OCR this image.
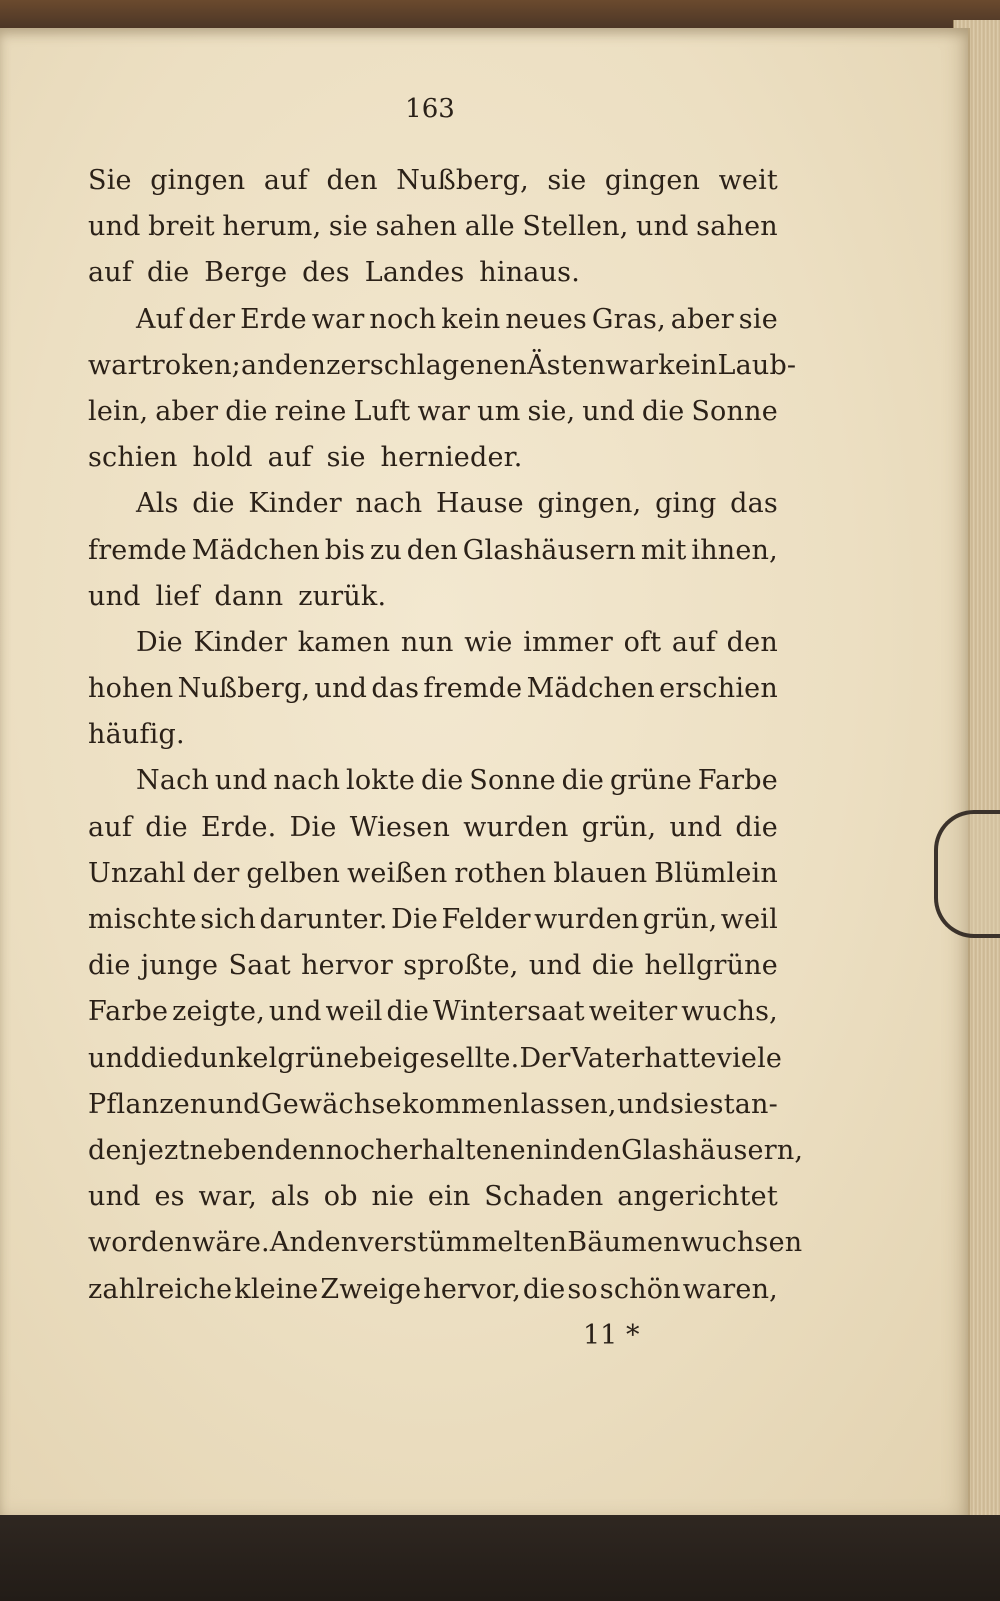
163

Sie gingen auf den Nußberg, sie gingen weit
und breit herum, sie sahen alle Stellen, und sahen
auf die Berge des Landes hinaus.
Auf der Erde war noch kein neues Gras, aber sie
war troken; an den zerschlagenen Ästen war kein Laub-
lein, aber die reine Luft war um sie, und die Sonne
schien hold auf sie hernieder.
Als die Kinder nach Hause gingen, ging das
fremde Mädchen bis zu den Glashäusern mit ihnen,
und lief dann zurük.
Die Kinder kamen nun wie immer oft auf den
hohen Nußberg, und das fremde Mädchen erschien
häufig.
Nach und nach lokte die Sonne die grüne Farbe
auf die Erde. Die Wiesen wurden grün, und die
Unzahl der gelben weißen rothen blauen Blümlein
mischte sich darunter. Die Felder wurden grün, weil
die junge Saat hervor sproßte, und die hellgrüne
Farbe zeigte, und weil die Wintersaat weiter wuchs,
und die dunkelgrüne beigesellte. Der Vater hatte viele
Pflanzen und Gewächse kommen lassen, und sie stan-
den jezt neben den noch erhaltenen in den Glashäusern,
und es war, als ob nie ein Schaden angerichtet
worden wäre. An den verstümmelten Bäumen wuchsen
zahlreiche kleine Zweige hervor, die so schön waren,

11 *
